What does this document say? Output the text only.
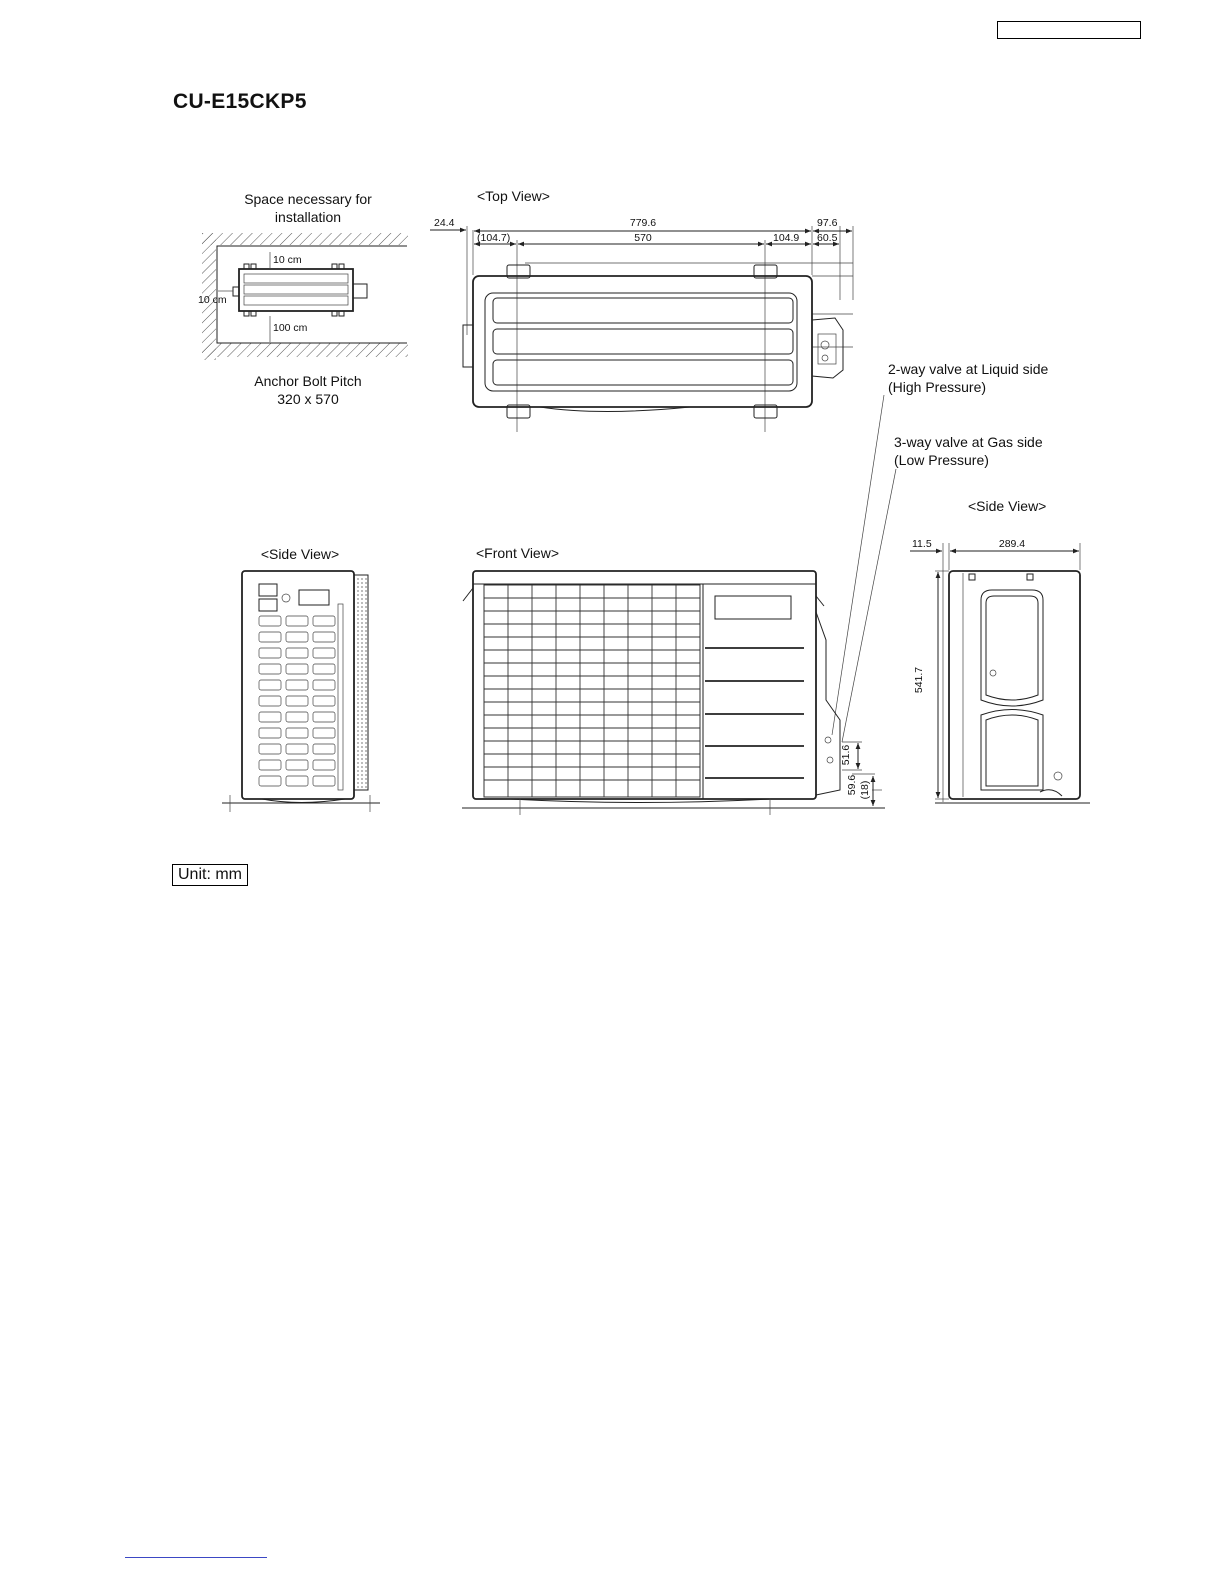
CU-E15CKP5
Space necessary for
installation
10 cm
10 cm
100 cm
Anchor Bolt Pitch
320 x 570
<Top View>
24.4	779.6
(104.7)	570	104.9
97.6
60.5
2-way valve at Liquid side
(High Pressure)
3-way valve at Gas side
(Low Pressure)
<Side View>	<Front View>
51.6
59.6 (18)
<Side View>
11.5	289.4
541.7
Unit: mm
